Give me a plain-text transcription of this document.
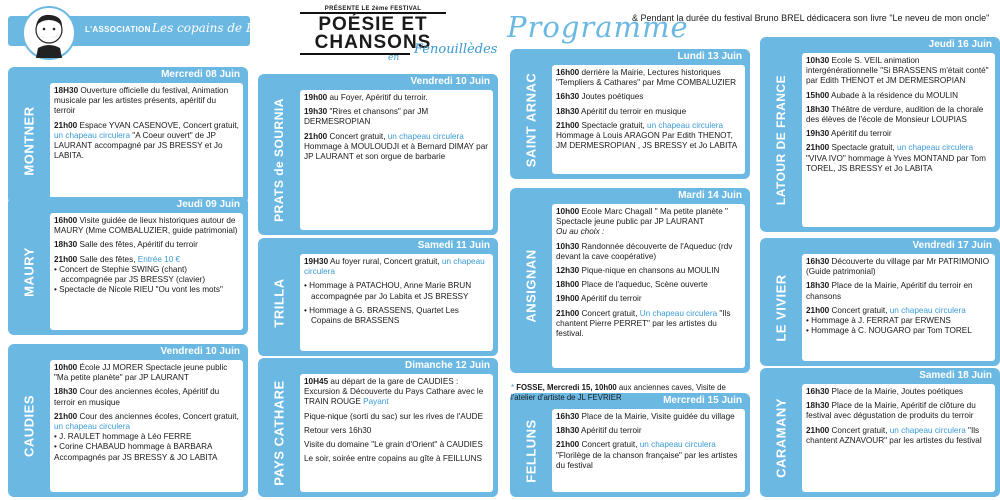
L'ASSOCIATION Les copains de Brassens
PRÉSENTE LE 2ème FESTIVAL
POÉSIE ET
CHANSONS
en
Fenouillèdes
Programme
& Pendant la durée du festival Bruno BREL dédicacera son livre "Le neveu de mon oncle"
Mercredi 08 Juin
MONTNER
18H30 Ouverture officielle du festival, Animation musicale par les artistes présents, apéritif du terroir
21h00 Espace YVAN CASENOVE, Concert gratuit, un chapeau circulera "A Coeur ouvert" de JP LAURANT accompagné par JS BRESSY et Jo LABITA.
Jeudi 09 Juin
MAURY
16h00 Visite guidée de lieux historiques autour de MAURY (Mme COMBALUZIER, guide patrimonial)
18h30 Salle des fêtes, Apéritif du terroir
21h00 Salle des fêtes, Entrée 10 €
• Concert de Stephie SWING (chant) accompagnée par JS BRESSY (clavier)
• Spectacle de Nicole RIEU "Ou vont les mots"
Vendredi 10 Juin
CAUDIES
10h00 École JJ MORER Spectacle jeune public "Ma petite planète" par JP LAURANT
18h30 Cour des anciennes écoles, Apéritif du terroir en musique
21h00 Cour des anciennes écoles, Concert gratuit, un chapeau circulera
• J. RAULET hommage à Léo FERRE
• Corine CHABAUD hommage à BARBARA
Accompagnés par JS BRESSY & JO LABITA
Vendredi 10 Juin
PRATS de SOURNIA
19h00 au Foyer, Apéritif du terroir.
19h30 "Rires et chansons" par JM DERMESROPIAN
21h00 Concert gratuit, un chapeau circulera Hommage à MOULOUDJI et à Bernard DIMAY par JP LAURANT et son orgue de barbarie
Samedi 11 Juin
TRILLA
19H30 Au foyer rural, Concert gratuit, un chapeau circulera
• Hommage à PATACHOU, Anne Marie BRUN accompagnée par Jo Labita et JS BRESSY
• Hommage à G. BRASSENS, Quartet Les Copains de BRASSENS
Dimanche 12 Juin
PAYS CATHARE 10H45 au départ de la gare de CAUDIES : Excursion & Découverte du Pays Cathare avec le TRAIN ROUGE Payant
Pique-nique (sorti du sac) sur les rives de l'AUDE
Retour vers 16h30
Visite du domaine "Le grain d'Orient" à CAUDIES
Le soir, soirée entre copains au gîte à FEILLUNS
Lundi 13 Juin
SAINT ARNAC 16h00 derrière la Mairie, Lectures historiques "Templiers & Cathares" par Mme COMBALUZIER
16h30 Joutes poétiques
18h30 Apéritif du terroir en musique
21h00 Spectacle gratuit, un chapeau circulera Hommage à Louis ARAGON Par Edith THENOT, JM DERMESROPIAN , JS BRESSY et Jo LABITA
Mardi 14 Juin
ANSIGNAN
10h00 Ecole Marc Chagall " Ma petite planète " Spectacle jeune public par JP LAURANT
Ou au choix :
10h30 Randonnée découverte de l'Aqueduc (rdv devant la cave coopérative)
12h30 Pique-nique en chansons au MOULIN
18h00 Place de l'aqueduc, Scène ouverte
19h00 Apéritif du terroir
21h00 Concert gratuit, Un chapeau circulera "Ils chantent Pierre PERRET" par les artistes du festival.
Mercredi 15 Juin
FELLUNS
16h30 Place de la Mairie, Visite guidée du village
18h30 Apéritif du terroir
21h00 Concert gratuit, un chapeau circulera "Florilège de la chanson française" par les artistes du festival
Jeudi 16 Juin
LATOUR DE FRANCE
10h30 Ecole S. VEIL animation intergénérationnelle "Si BRASSENS m'était conté" par Edith THENOT et JM DERMESROPIAN
15h00 Aubade à la résidence du MOULIN
18h30 Théâtre de verdure, audition de la chorale des élèves de l'école de Monsieur LOUPIAS
19h30 Apéritif du terroir
21h00 Spectacle gratuit, un chapeau circulera "VIVA IVO" hommage à Yves MONTAND par Tom TOREL, JS BRESSY et Jo LABITA
Vendredi 17 Juin
LE VIVIER
16h30 Découverte du village par Mr PATRIMONIO (Guide patrimonial)
18h30 Place de la Mairie, Apéritif du terroir en chansons
21h00 Concert gratuit, un chapeau circulera
• Hommage à J. FERRAT par ERWENS
• Hommage à C. NOUGARO par Tom TOREL
Samedi 18 Juin
CARAMANY
16h30 Place de la Mairie, Joutes poétiques
18h30 Place de la Mairie, Apéritif de clôture du festival avec dégustation de produits du terroir
21h00 Concert gratuit, un chapeau circulera "Ils chantent AZNAVOUR" par les artistes du festival
* FOSSE, Mercredi 15, 10h00 aux anciennes caves, Visite de l'atelier d'artiste de JL FEVRIER
